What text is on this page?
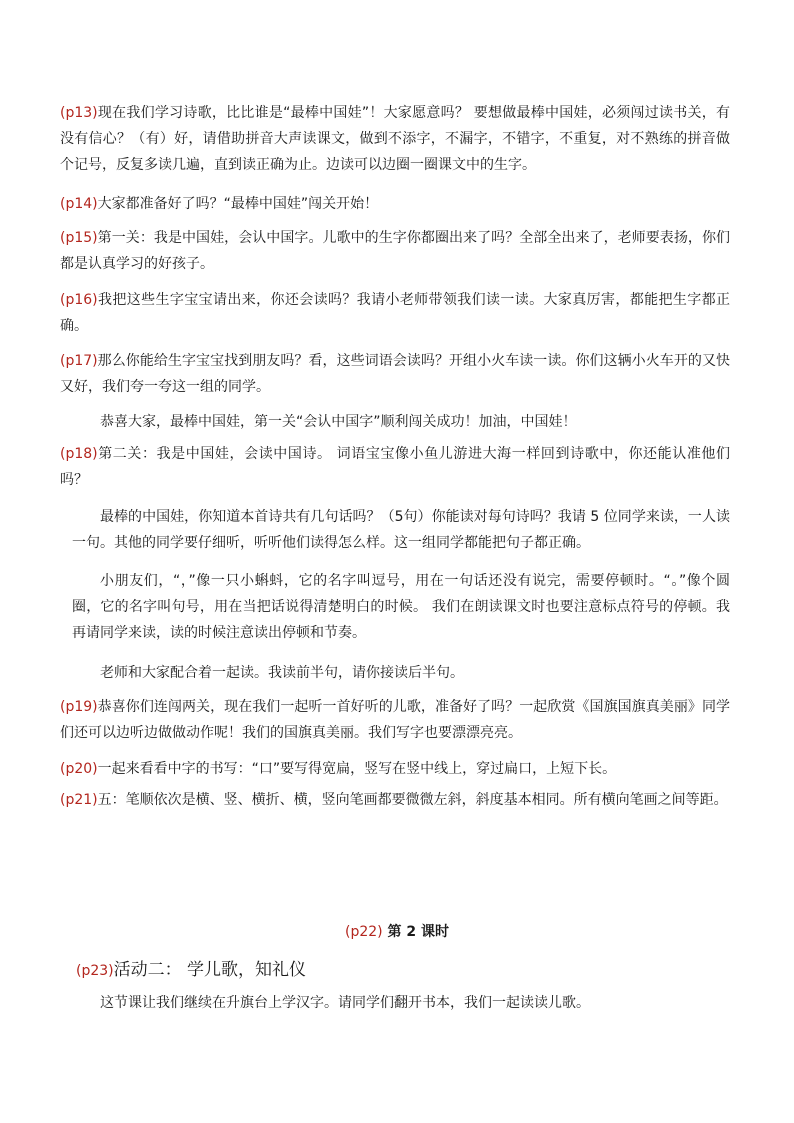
(p13)现在我们学习诗歌，比比谁是“最棒中国娃”！大家愿意吗？ 要想做最棒中国娃，必须闯过读书关，有没有信心？（有）好，请借助拼音大声读课文，做到不添字，不漏字，不错字，不重复，对不熟练的拼音做个记号，反复多读几遍，直到读正确为止。边读可以边圈一圈课文中的生字。

(p14)大家都准备好了吗？“最棒中国娃”闯关开始！

(p15)第一关：我是中国娃，会认中国字。儿歌中的生字你都圈出来了吗？全部全出来了，老师要表扬，你们都是认真学习的好孩子。

(p16)我把这些生字宝宝请出来，你还会读吗？我请小老师带领我们读一读。大家真厉害，都能把生字都正确。

(p17)那么你能给生字宝宝找到朋友吗？看，这些词语会读吗？开组小火车读一读。你们这辆小火车开的又快又好，我们夸一夸这一组的同学。

恭喜大家，最棒中国娃，第一关“会认中国字”顺利闯关成功！加油，中国娃！

(p18)第二关：我是中国娃，会读中国诗。 词语宝宝像小鱼儿游进大海一样回到诗歌中，你还能认准他们吗？

最棒的中国娃，你知道本首诗共有几句话吗？（5句）你能读对每句诗吗？我请 5 位同学来读，一人读一句。其他的同学要仔细听，听听他们读得怎么样。这一组同学都能把句子都正确。

小朋友们，“，”像一只小蝌蚪，它的名字叫逗号，用在一句话还没有说完，需要停顿时。“。”像个圆圈，它的名字叫句号，用在当把话说得清楚明白的时候。 我们在朗读课文时也要注意标点符号的停顿。我再请同学来读，读的时候注意读出停顿和节奏。

老师和大家配合着一起读。我读前半句，请你接读后半句。

(p19)恭喜你们连闯两关，现在我们一起听一首好听的儿歌，准备好了吗？一起欣赏《国旗国旗真美丽》同学们还可以边听边做做动作呢！我们的国旗真美丽。我们写字也要漂漂亮亮。

(p20)一起来看看中字的书写：“口”要写得宽扁，竖写在竖中线上，穿过扁口，上短下长。

(p21)五：笔顺依次是横、竖、横折、横，竖向笔画都要微微左斜，斜度基本相同。所有横向笔画之间等距。

(p22) 第 2 课时

(p23)活动二： 学儿歌，知礼仪

这节课让我们继续在升旗台上学汉字。请同学们翻开书本，我们一起读读儿歌。
